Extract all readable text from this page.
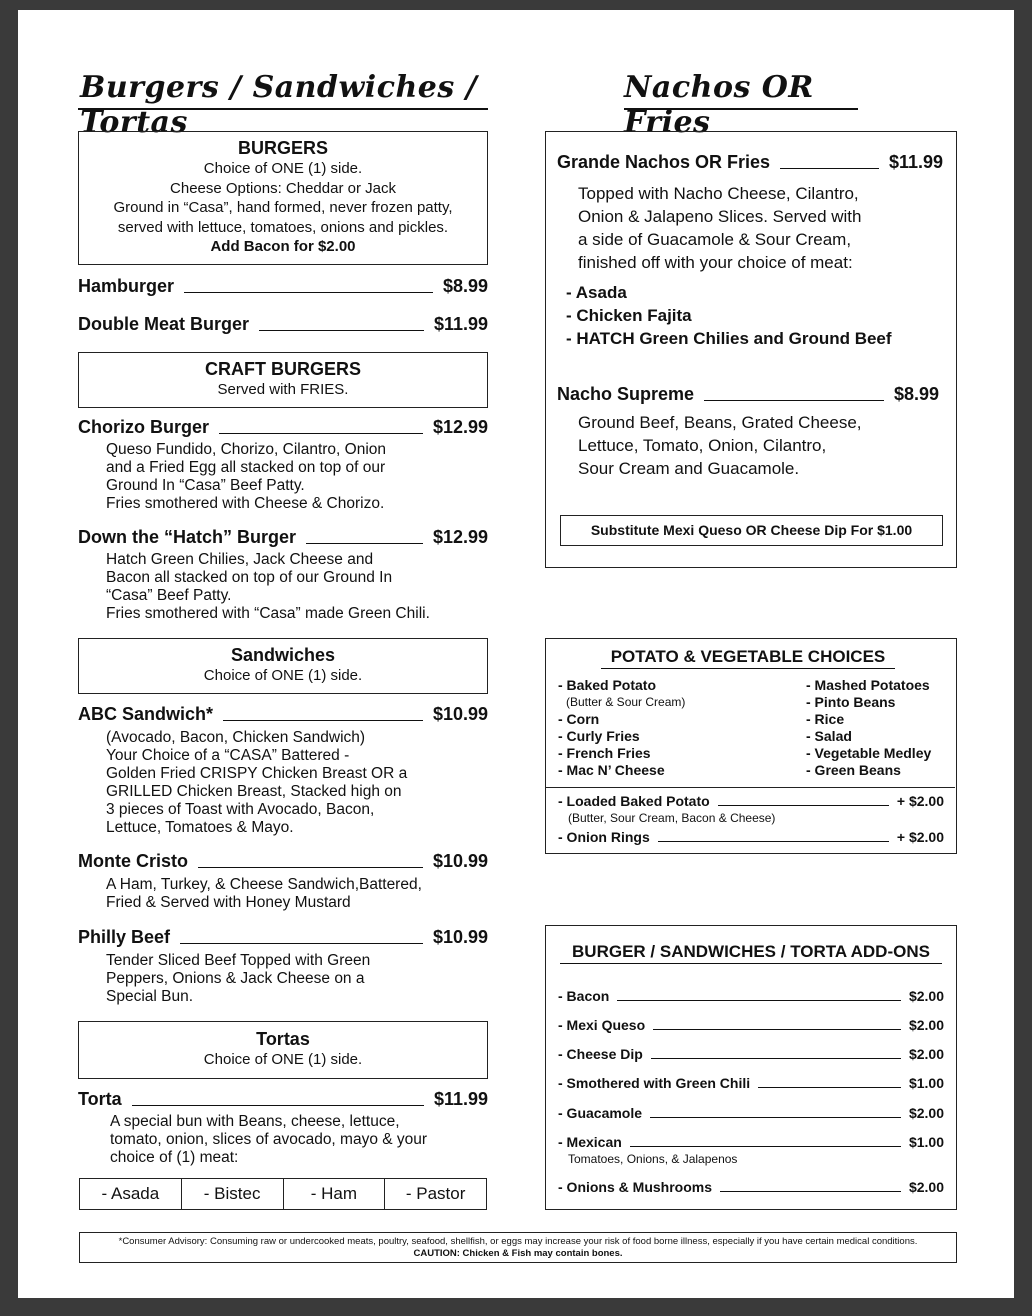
Burgers / Sandwiches / Tortas
BURGERS
Choice of ONE (1) side.
Cheese Options: Cheddar or Jack
Ground in “Casa”, hand formed, never frozen patty,
served with lettuce, tomatoes, onions and pickles.
Add Bacon for $2.00
Hamburger	$8.99
Double Meat Burger	$11.99
CRAFT BURGERS
Served with FRIES.
Chorizo Burger	$12.99
Queso Fundido, Chorizo, Cilantro, Onion
and a Fried Egg all stacked on top of our
Ground In “Casa” Beef Patty.
Fries smothered with Cheese & Chorizo.
Down the “Hatch” Burger	$12.99
Hatch Green Chilies, Jack Cheese and
Bacon all stacked on top of our Ground In
“Casa” Beef Patty.
Fries smothered with “Casa” made Green Chili.
Sandwiches
Choice of ONE (1) side.
ABC Sandwich*	$10.99
(Avocado, Bacon, Chicken Sandwich)
Your Choice of a “CASA” Battered -
Golden Fried CRISPY Chicken Breast OR a
GRILLED Chicken Breast, Stacked high on
3 pieces of Toast with Avocado, Bacon,
Lettuce, Tomatoes & Mayo.
Monte Cristo	$10.99
A Ham, Turkey, & Cheese Sandwich,Battered,
Fried & Served with Honey Mustard
Philly Beef	$10.99
Tender Sliced Beef Topped with Green
Peppers, Onions & Jack Cheese on a
Special Bun.
Tortas
Choice of ONE (1) side.
Torta	$11.99
A special bun with Beans, cheese, lettuce,
tomato, onion, slices of avocado, mayo & your
choice of (1) meat:
- Asada	- Bistec	- Ham	- Pastor
Nachos OR Fries
Grande Nachos OR Fries	$11.99
Topped with Nacho Cheese, Cilantro,
Onion & Jalapeno Slices. Served with
a side of Guacamole & Sour Cream,
finished off with your choice of meat:
- Asada
- Chicken Fajita
- HATCH Green Chilies and Ground Beef
Nacho Supreme	$8.99
Ground Beef, Beans, Grated Cheese,
Lettuce, Tomato, Onion, Cilantro,
Sour Cream and Guacamole.
Substitute Mexi Queso OR Cheese Dip For $1.00
POTATO & VEGETABLE CHOICES
- Baked Potato
(Butter & Sour Cream)
- Corn
- Curly Fries
- French Fries
- Mac N’ Cheese
- Mashed Potatoes
- Pinto Beans
- Rice
- Salad
- Vegetable Medley
- Green Beans
- Loaded Baked Potato	+ $2.00
(Butter, Sour Cream, Bacon & Cheese)
- Onion Rings	+ $2.00
BURGER / SANDWICHES / TORTA ADD-ONS
- Bacon	$2.00
- Mexi Queso	$2.00
- Cheese Dip	$2.00
- Smothered with Green Chili	$1.00
- Guacamole	$2.00
- Mexican	$1.00
Tomatoes, Onions, & Jalapenos
- Onions & Mushrooms	$2.00
*Consumer Advisory: Consuming raw or undercooked meats, poultry, seafood, shellfish, or eggs may increase your risk of food borne illness, especially if you have certain medical conditions.
CAUTION: Chicken & Fish may contain bones.
